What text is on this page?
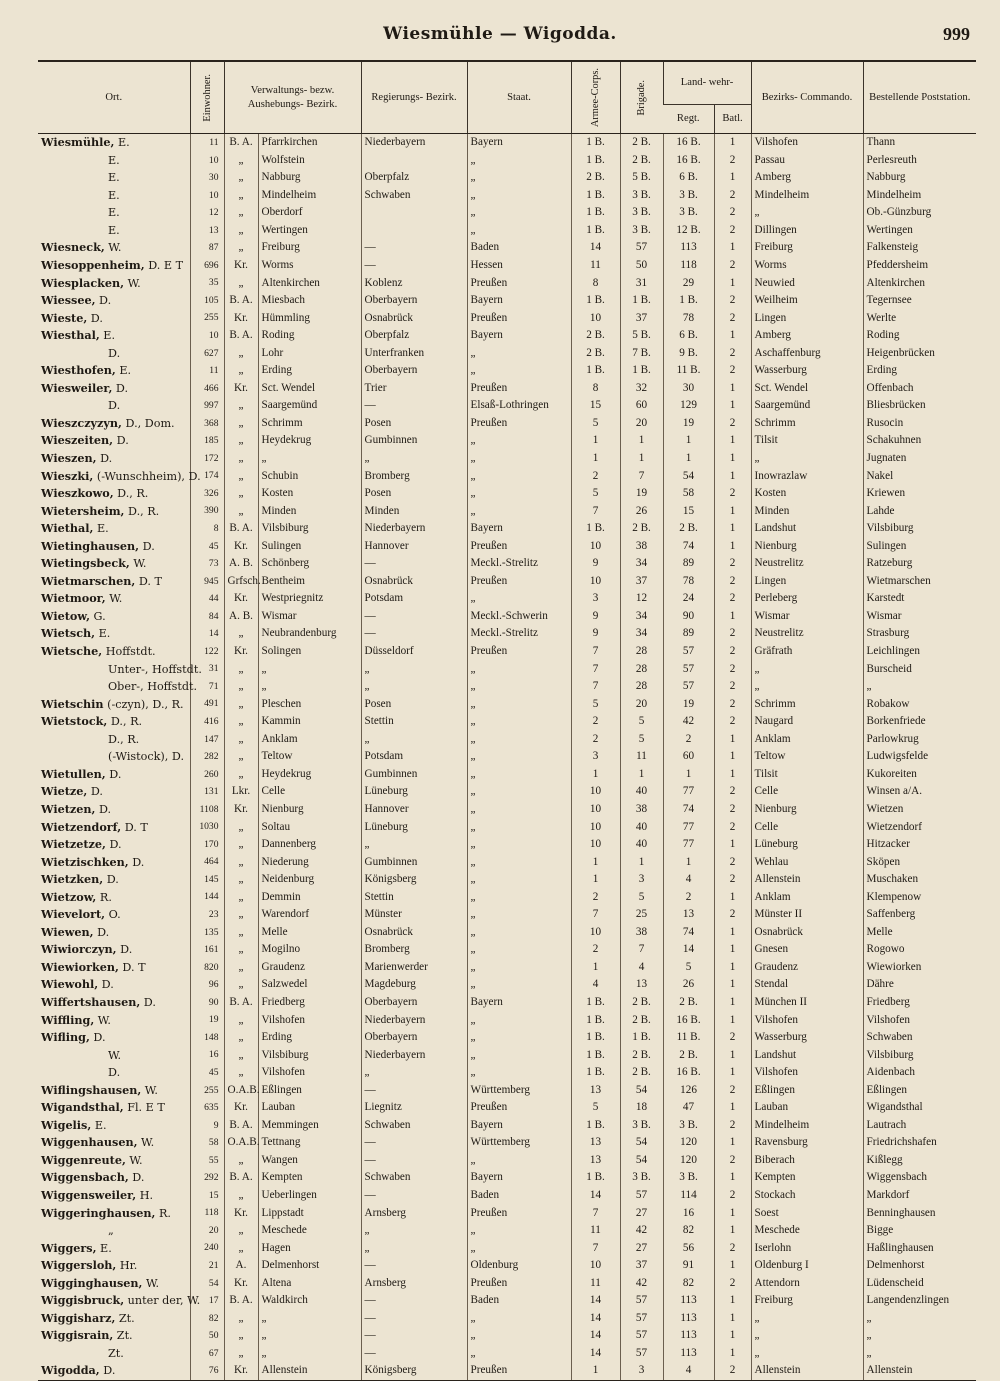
Wiesmühle — Wigodda.	999
Ort.	Einwohner.	Verwaltungs- bezw. Aushebungs- Bezirk.		Regierungs- Bezirk.	Staat.	Armee-Corps.	Brigade.	Land- wehr-		Bezirks- Commando.	Bestellende Poststation.
								Regt.	Batl.		
Wiesmühle, E.	11	B. A.	Pfarrkirchen	Niederbayern	Bayern	1 B.	2 B.	16 B.	1	Vilshofen	Thann
E.	10	„	Wolfstein		„	1 B.	2 B.	16 B.	2	Passau	Perlesreuth
E.	30	„	Nabburg	Oberpfalz	„	2 B.	5 B.	6 B.	1	Amberg	Nabburg
E.	10	„	Mindelheim	Schwaben	„	1 B.	3 B.	3 B.	2	Mindelheim	Mindelheim
E.	12	„	Oberdorf		„	1 B.	3 B.	3 B.	2	„	Ob.-Günzburg
E.	13	„	Wertingen		„	1 B.	3 B.	12 B.	2	Dillingen	Wertingen
Wiesneck, W.	87	„	Freiburg	—	Baden	14	57	113	1	Freiburg	Falkensteig
Wiesoppenheim, D. E T	696	Kr.	Worms	—	Hessen	11	50	118	2	Worms	Pfeddersheim
Wiesplacken, W.	35	„	Altenkirchen	Koblenz	Preußen	8	31	29	1	Neuwied	Altenkirchen
Wiessee, D.	105	B. A.	Miesbach	Oberbayern	Bayern	1 B.	1 B.	1 B.	2	Weilheim	Tegernsee
Wieste, D.	255	Kr.	Hümmling	Osnabrück	Preußen	10	37	78	2	Lingen	Werlte
Wiesthal, E.	10	B. A.	Roding	Oberpfalz	Bayern	2 B.	5 B.	6 B.	1	Amberg	Roding
D.	627	„	Lohr	Unterfranken	„	2 B.	7 B.	9 B.	2	Aschaffenburg	Heigenbrücken
Wiesthofen, E.	11	„	Erding	Oberbayern	„	1 B.	1 B.	11 B.	2	Wasserburg	Erding
Wiesweiler, D.	466	Kr.	Sct. Wendel	Trier	Preußen	8	32	30	1	Sct. Wendel	Offenbach
D.	997	„	Saargemünd	—	Elsaß-Lothringen	15	60	129	1	Saargemünd	Bliesbrücken
Wieszczyzyn, D., Dom.	368	„	Schrimm	Posen	Preußen	5	20	19	2	Schrimm	Rusocin
Wieszeiten, D.	185	„	Heydekrug	Gumbinnen	„	1	1	1	1	Tilsit	Schakuhnen
Wieszen, D.	172	„	„	„	„	1	1	1	1	„	Jugnaten
Wieszki, (-Wunschheim), D.	174	„	Schubin	Bromberg	„	2	7	54	1	Inowrazlaw	Nakel
Wieszkowo, D., R.	326	„	Kosten	Posen	„	5	19	58	2	Kosten	Kriewen
Wietersheim, D., R.	390	„	Minden	Minden	„	7	26	15	1	Minden	Lahde
Wiethal, E.	8	B. A.	Vilsbiburg	Niederbayern	Bayern	1 B.	2 B.	2 B.	1	Landshut	Vilsbiburg
Wietinghausen, D.	45	Kr.	Sulingen	Hannover	Preußen	10	38	74	1	Nienburg	Sulingen
Wietingsbeck, W.	73	A. B.	Schönberg	—	Meckl.-Strelitz	9	34	89	2	Neustrelitz	Ratzeburg
Wietmarschen, D. T	945	Grfsch.	Bentheim	Osnabrück	Preußen	10	37	78	2	Lingen	Wietmarschen
Wietmoor, W.	44	Kr.	Westpriegnitz	Potsdam	„	3	12	24	2	Perleberg	Karstedt
Wietow, G.	84	A. B.	Wismar	—	Meckl.-Schwerin	9	34	90	1	Wismar	Wismar
Wietsch, E.	14	„	Neubrandenburg	—	Meckl.-Strelitz	9	34	89	2	Neustrelitz	Strasburg
Wietsche, Hoffstdt.	122	Kr.	Solingen	Düsseldorf	Preußen	7	28	57	2	Gräfrath	Leichlingen
Unter-, Hoffstdt.	31	„	„	„	„	7	28	57	2	„	Burscheid
Ober-, Hoffstdt.	71	„	„	„	„	7	28	57	2	„	„
Wietschin (-czyn), D., R.	491	„	Pleschen	Posen	„	5	20	19	2	Schrimm	Robakow
Wietstock, D., R.	416	„	Kammin	Stettin	„	2	5	42	2	Naugard	Borkenfriede
D., R.	147	„	Anklam	„	„	2	5	2	1	Anklam	Parlowkrug
(-Wistock), D.	282	„	Teltow	Potsdam	„	3	11	60	1	Teltow	Ludwigsfelde
Wietullen, D.	260	„	Heydekrug	Gumbinnen	„	1	1	1	1	Tilsit	Kukoreiten
Wietze, D.	131	Lkr.	Celle	Lüneburg	„	10	40	77	2	Celle	Winsen a/A.
Wietzen, D.	1108	Kr.	Nienburg	Hannover	„	10	38	74	2	Nienburg	Wietzen
Wietzendorf, D. T	1030	„	Soltau	Lüneburg	„	10	40	77	2	Celle	Wietzendorf
Wietzetze, D.	170	„	Dannenberg	„	„	10	40	77	1	Lüneburg	Hitzacker
Wietzischken, D.	464	„	Niederung	Gumbinnen	„	1	1	1	2	Wehlau	Sköpen
Wietzken, D.	145	„	Neidenburg	Königsberg	„	1	3	4	2	Allenstein	Muschaken
Wietzow, R.	144	„	Demmin	Stettin	„	2	5	2	1	Anklam	Klempenow
Wievelort, O.	23	„	Warendorf	Münster	„	7	25	13	2	Münster II	Saffenberg
Wiewen, D.	135	„	Melle	Osnabrück	„	10	38	74	1	Osnabrück	Melle
Wiwiorczyn, D.	161	„	Mogilno	Bromberg	„	2	7	14	1	Gnesen	Rogowo
Wiewiorken, D. T	820	„	Graudenz	Marienwerder	„	1	4	5	1	Graudenz	Wiewiorken
Wiewohl, D.	96	„	Salzwedel	Magdeburg	„	4	13	26	1	Stendal	Dähre
Wiffertshausen, D.	90	B. A.	Friedberg	Oberbayern	Bayern	1 B.	2 B.	2 B.	1	München II	Friedberg
Wiffling, W.	19	„	Vilshofen	Niederbayern	„	1 B.	2 B.	16 B.	1	Vilshofen	Vilshofen
Wifling, D.	148	„	Erding	Oberbayern	„	1 B.	1 B.	11 B.	2	Wasserburg	Schwaben
W.	16	„	Vilsbiburg	Niederbayern	„	1 B.	2 B.	2 B.	1	Landshut	Vilsbiburg
D.	45	„	Vilshofen	„	„	1 B.	2 B.	16 B.	1	Vilshofen	Aidenbach
Wiflingshausen, W.	255	O.A.B.	Eßlingen	—	Württemberg	13	54	126	2	Eßlingen	Eßlingen
Wigandsthal, Fl. E T	635	Kr.	Lauban	Liegnitz	Preußen	5	18	47	1	Lauban	Wigandsthal
Wigelis, E.	9	B. A.	Memmingen	Schwaben	Bayern	1 B.	3 B.	3 B.	2	Mindelheim	Lautrach
Wiggenhausen, W.	58	O.A.B.	Tettnang	—	Württemberg	13	54	120	1	Ravensburg	Friedrichshafen
Wiggenreute, W.	55	„	Wangen	—	„	13	54	120	2	Biberach	Kißlegg
Wiggensbach, D.	292	B. A.	Kempten	Schwaben	Bayern	1 B.	3 B.	3 B.	1	Kempten	Wiggensbach
Wiggensweiler, H.	15	„	Ueberlingen	—	Baden	14	57	114	2	Stockach	Markdorf
Wiggeringhausen, R.	118	Kr.	Lippstadt	Arnsberg	Preußen	7	27	16	1	Soest	Benninghausen
„	20	„	Meschede	„	„	11	42	82	1	Meschede	Bigge
Wiggers, E.	240	„	Hagen	„	„	7	27	56	2	Iserlohn	Haßlinghausen
Wiggersloh, Hr.	21	A.	Delmenhorst	—	Oldenburg	10	37	91	1	Oldenburg I	Delmenhorst
Wigginghausen, W.	54	Kr.	Altena	Arnsberg	Preußen	11	42	82	2	Attendorn	Lüdenscheid
Wiggisbruck, unter der, W.	17	B. A.	Waldkirch	—	Baden	14	57	113	1	Freiburg	Langendenzlingen
Wiggisharz, Zt.	82	„	„	—	„	14	57	113	1	„	„
Wiggisrain, Zt.	50	„	„	—	„	14	57	113	1	„	„
Zt.	67	„	„	—	„	14	57	113	1	„	„
Wigodda, D.	76	Kr.	Allenstein	Königsberg	Preußen	1	3	4	2	Allenstein	Allenstein
